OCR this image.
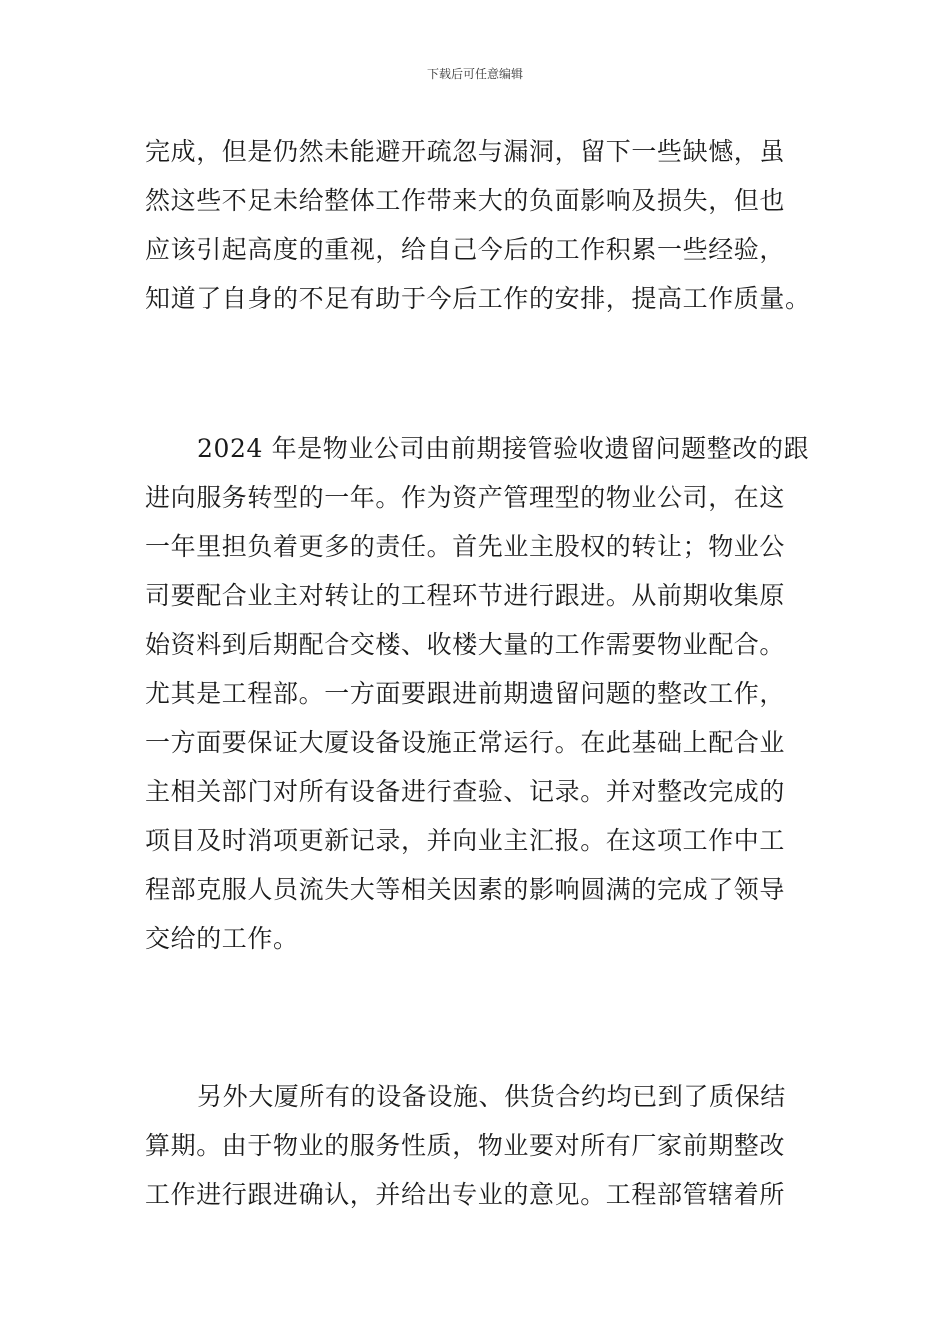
下载后可任意编辑

完成，但是仍然未能避开疏忽与漏洞，留下一些缺憾，虽
然这些不足未给整体工作带来大的负面影响及损失，但也
应该引起高度的重视，给自己今后的工作积累一些经验，
知道了自身的不足有助于今后工作的安排，提高工作质量。

2024 年是物业公司由前期接管验收遗留问题整改的跟
进向服务转型的一年。作为资产管理型的物业公司，在这
一年里担负着更多的责任。首先业主股权的转让；物业公
司要配合业主对转让的工程环节进行跟进。从前期收集原
始资料到后期配合交楼、收楼大量的工作需要物业配合。
尤其是工程部。一方面要跟进前期遗留问题的整改工作，
一方面要保证大厦设备设施正常运行。在此基础上配合业
主相关部门对所有设备进行查验、记录。并对整改完成的
项目及时消项更新记录，并向业主汇报。在这项工作中工
程部克服人员流失大等相关因素的影响圆满的完成了领导
交给的工作。

另外大厦所有的设备设施、供货合约均已到了质保结
算期。由于物业的服务性质，物业要对所有厂家前期整改
工作进行跟进确认，并给出专业的意见。工程部管辖着所
